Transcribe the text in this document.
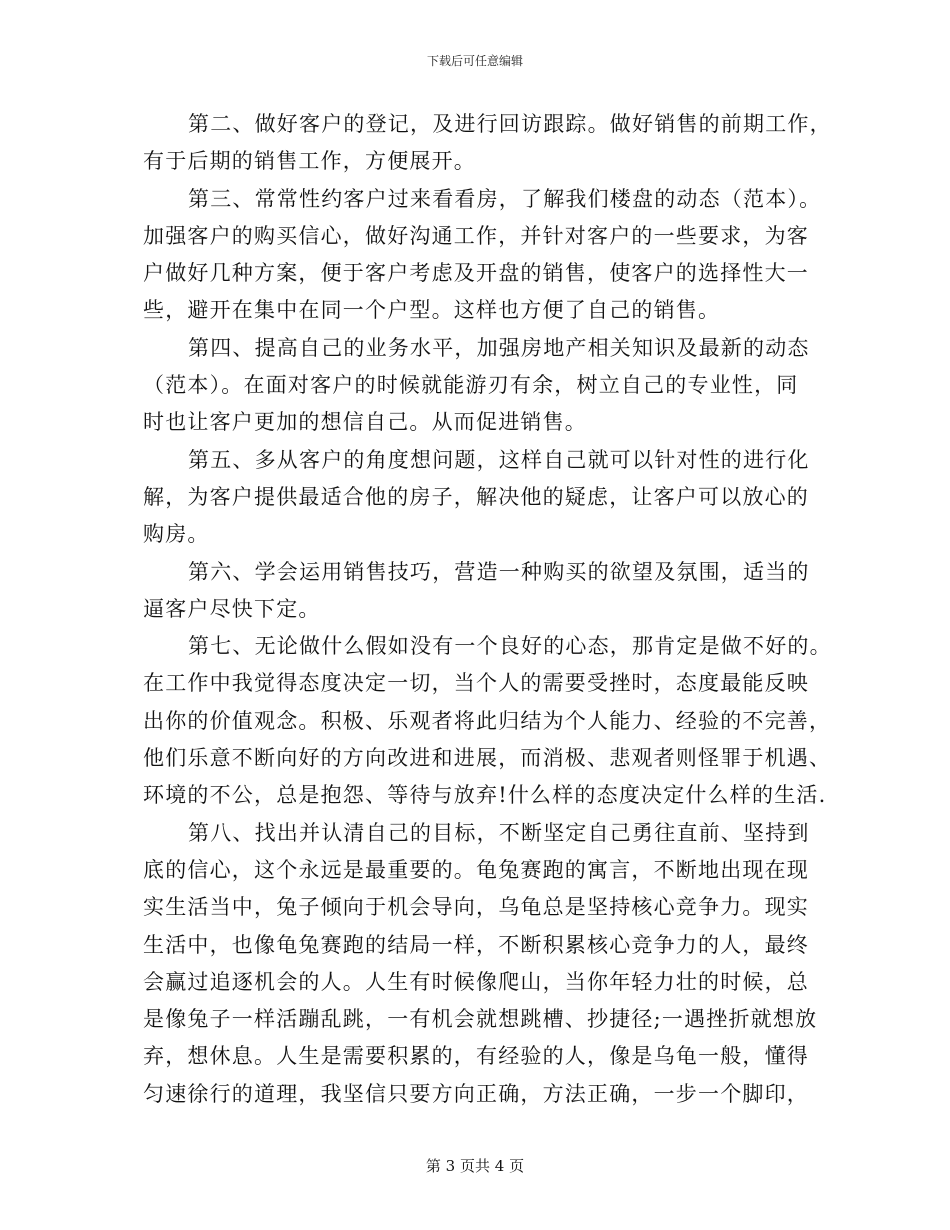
下载后可任意编辑
第二、做好客户的登记，及进行回访跟踪。做好销售的前期工作，
有于后期的销售工作，方便展开。
第三、常常性约客户过来看看房，了解我们楼盘的动态（范本）。
加强客户的购买信心，做好沟通工作，并针对客户的一些要求，为客
户做好几种方案，便于客户考虑及开盘的销售，使客户的选择性大一
些，避开在集中在同一个户型。这样也方便了自己的销售。
第四、提高自己的业务水平，加强房地产相关知识及最新的动态
（范本）。在面对客户的时候就能游刃有余，树立自己的专业性，同
时也让客户更加的想信自己。从而促进销售。
第五、多从客户的角度想问题，这样自己就可以针对性的进行化
解，为客户提供最适合他的房子，解决他的疑虑，让客户可以放心的
购房。
第六、学会运用销售技巧，营造一种购买的欲望及氛围，适当的
逼客户尽快下定。
第七、无论做什么假如没有一个良好的心态，那肯定是做不好的。
在工作中我觉得态度决定一切，当个人的需要受挫时，态度最能反映
出你的价值观念。积极、乐观者将此归结为个人能力、经验的不完善，
他们乐意不断向好的方向改进和进展，而消极、悲观者则怪罪于机遇、
环境的不公，总是抱怨、等待与放弃!什么样的态度决定什么样的生活.
第八、找出并认清自己的目标，不断坚定自己勇往直前、坚持到
底的信心，这个永远是最重要的。龟兔赛跑的寓言，不断地出现在现
实生活当中，兔子倾向于机会导向，乌龟总是坚持核心竞争力。现实
生活中，也像龟兔赛跑的结局一样，不断积累核心竞争力的人，最终
会赢过追逐机会的人。人生有时候像爬山，当你年轻力壮的时候，总
是像兔子一样活蹦乱跳，一有机会就想跳槽、抄捷径;一遇挫折就想放
弃，想休息。人生是需要积累的，有经验的人，像是乌龟一般，懂得
匀速徐行的道理，我坚信只要方向正确，方法正确，一步一个脚印，
第 3 页共 4 页
